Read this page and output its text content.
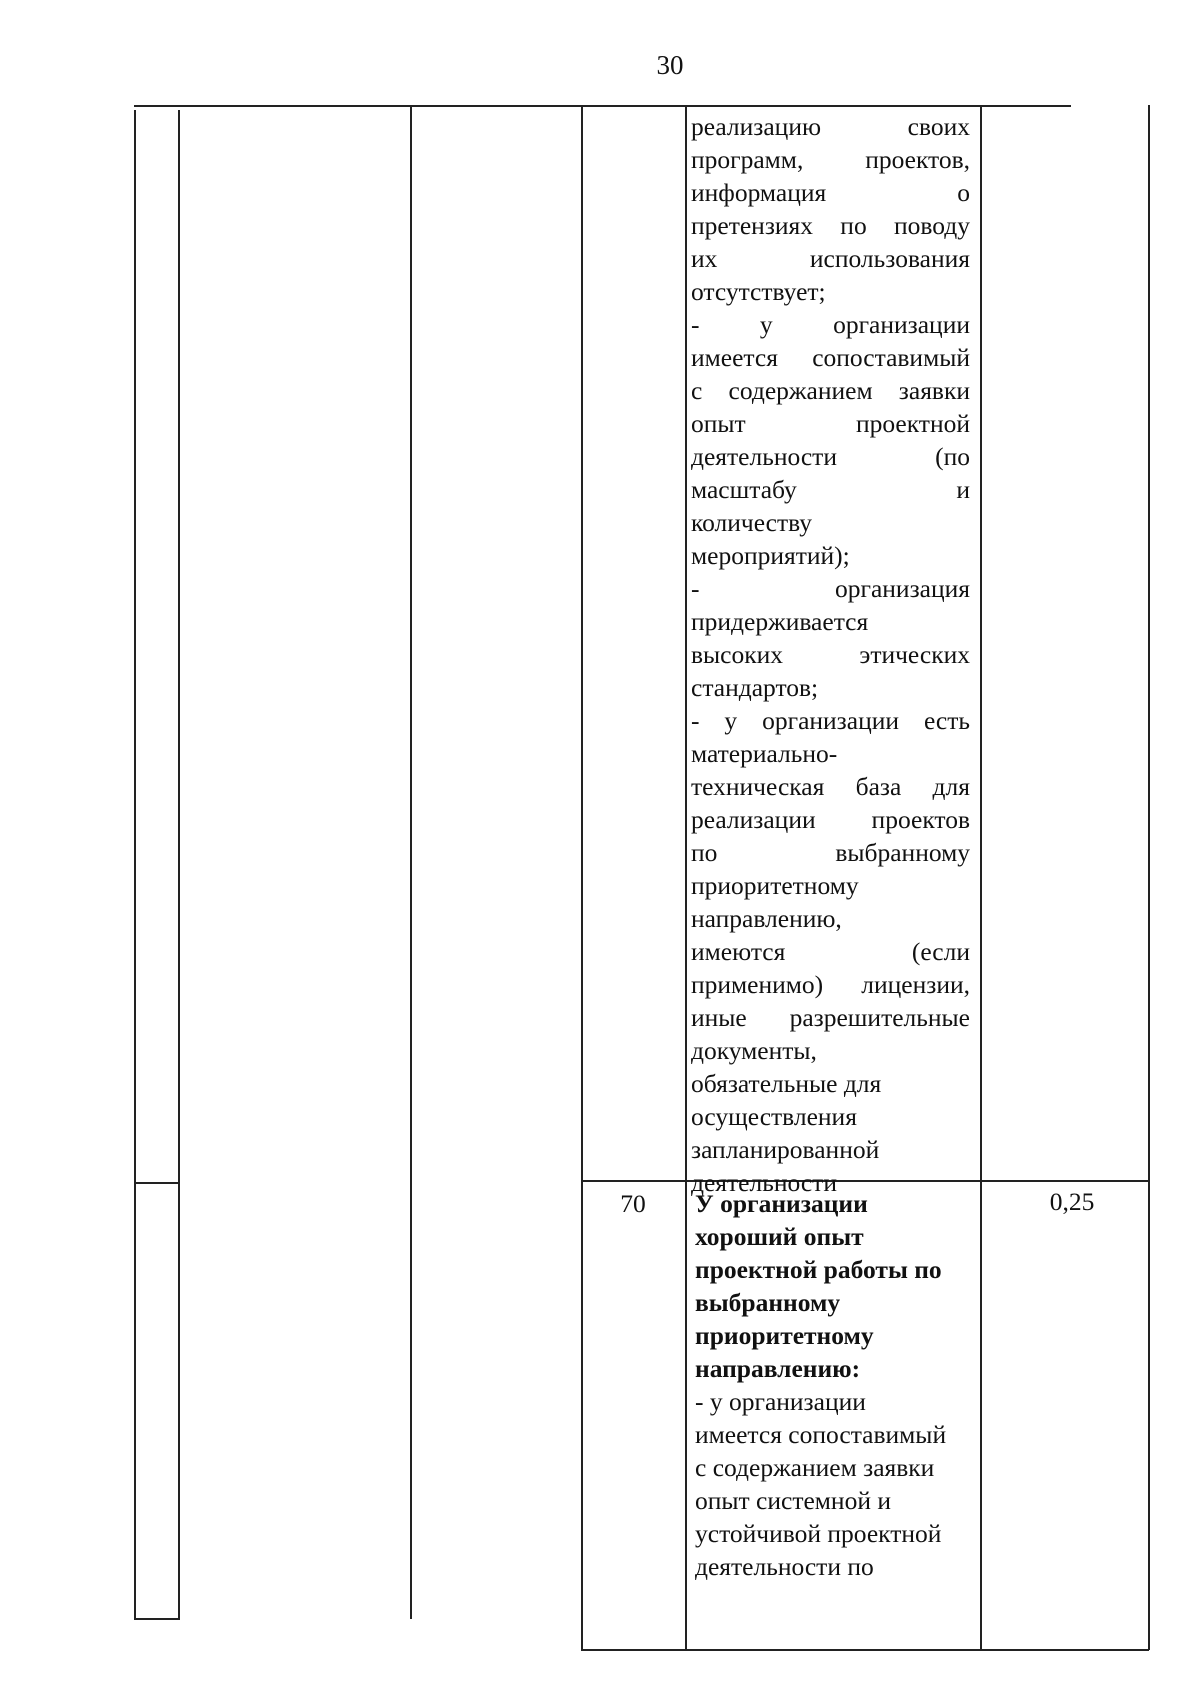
30
реализацию своих
программ, проектов,
информация о
претензиях по поводу
их использования
отсутствует;
- у организации
имеется сопоставимый
с содержанием заявки
опыт проектной
деятельности (по
масштабу и
количеству
мероприятий);
- организация
придерживается
высоких этических
стандартов;
- у организации есть
материально-
техническая база для
реализации проектов
по выбранному
приоритетному
направлению,
имеются (если
применимо) лицензии,
иные разрешительные
документы,
обязательные для
осуществления
запланированной
деятельности
70	У организации
хороший опыт
проектной работы по
выбранному
приоритетному
направлению:
- у организации
имеется сопоставимый
с содержанием заявки
опыт системной и
устойчивой проектной
деятельности по
0,25
